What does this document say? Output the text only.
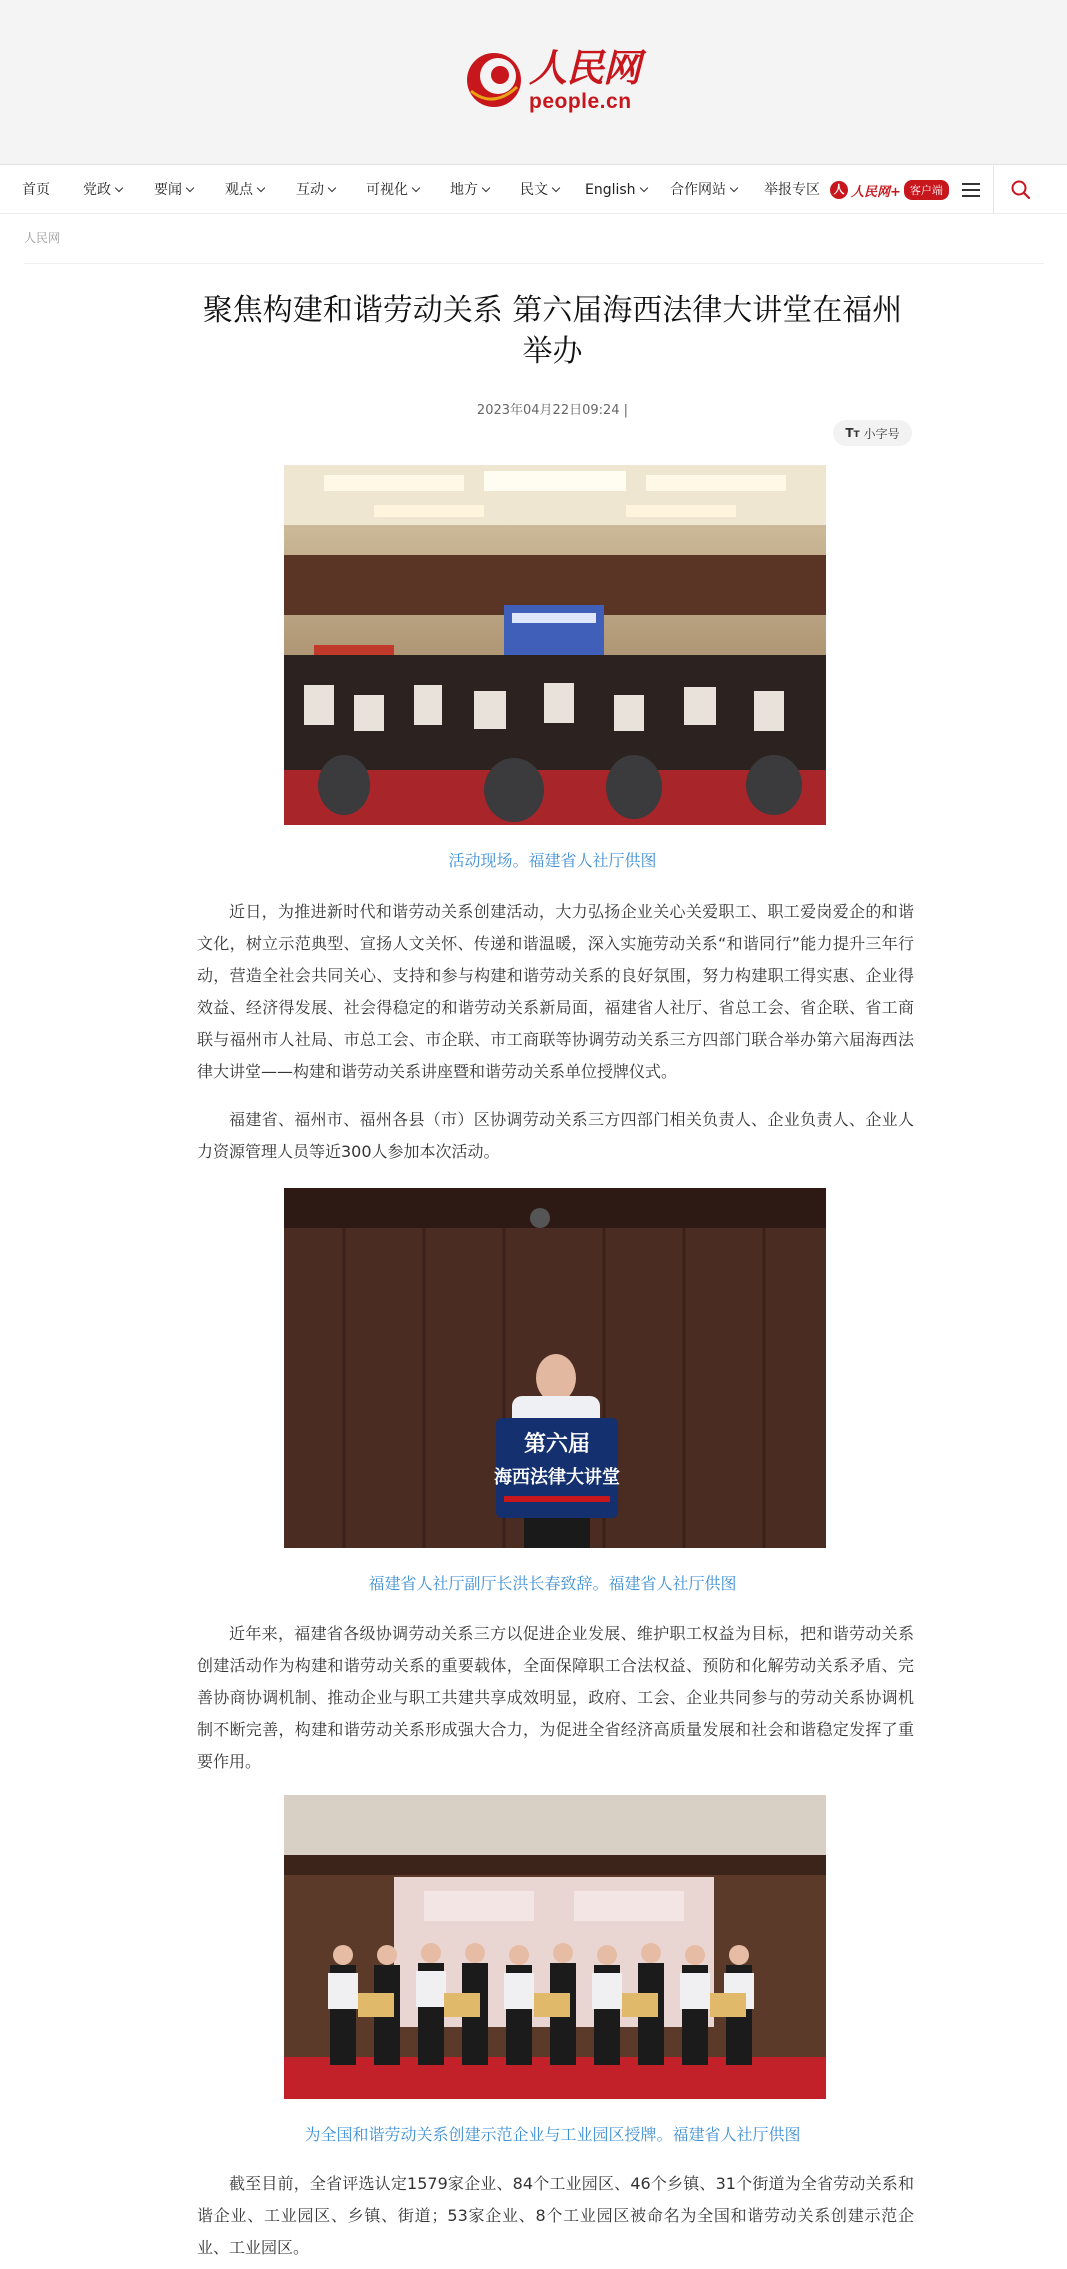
人民网
people.cn
首页 党政	要闻	观点	互动	可视化	地方	民文	English	合作网站	举报专区	人 人民网+ 客户端
人民网
聚焦构建和谐劳动关系 第六届海西法律大讲堂在福州举办
2023年04月22日09:24 |
TT 小字号
活动现场。福建省人社厅供图

近日，为推进新时代和谐劳动关系创建活动，大力弘扬企业关心关爱职工、职工爱岗爱企的和谐文化，树立示范典型、宣扬人文关怀、传递和谐温暖，深入实施劳动关系“和谐同行”能力提升三年行动，营造全社会共同关心、支持和参与构建和谐劳动关系的良好氛围，努力构建职工得实惠、企业得效益、经济得发展、社会得稳定的和谐劳动关系新局面，福建省人社厅、省总工会、省企联、省工商联与福州市人社局、市总工会、市企联、市工商联等协调劳动关系三方四部门联合举办第六届海西法律大讲堂——构建和谐劳动关系讲座暨和谐劳动关系单位授牌仪式。

福建省、福州市、福州各县（市）区协调劳动关系三方四部门相关负责人、企业负责人、企业人力资源管理人员等近300人参加本次活动。

第六届
海西法律大讲堂
福建省人社厅副厅长洪长春致辞。福建省人社厅供图

近年来，福建省各级协调劳动关系三方以促进企业发展、维护职工权益为目标，把和谐劳动关系创建活动作为构建和谐劳动关系的重要载体，全面保障职工合法权益、预防和化解劳动关系矛盾、完善协商协调机制、推动企业与职工共建共享成效明显，政府、工会、企业共同参与的劳动关系协调机制不断完善，构建和谐劳动关系形成强大合力，为促进全省经济高质量发展和社会和谐稳定发挥了重要作用。

为全国和谐劳动关系创建示范企业与工业园区授牌。福建省人社厅供图

截至目前，全省评选认定1579家企业、84个工业园区、46个乡镇、31个街道为全省劳动关系和谐企业、工业园区、乡镇、街道；53家企业、8个工业园区被命名为全国和谐劳动关系创建示范企业、工业园区。
